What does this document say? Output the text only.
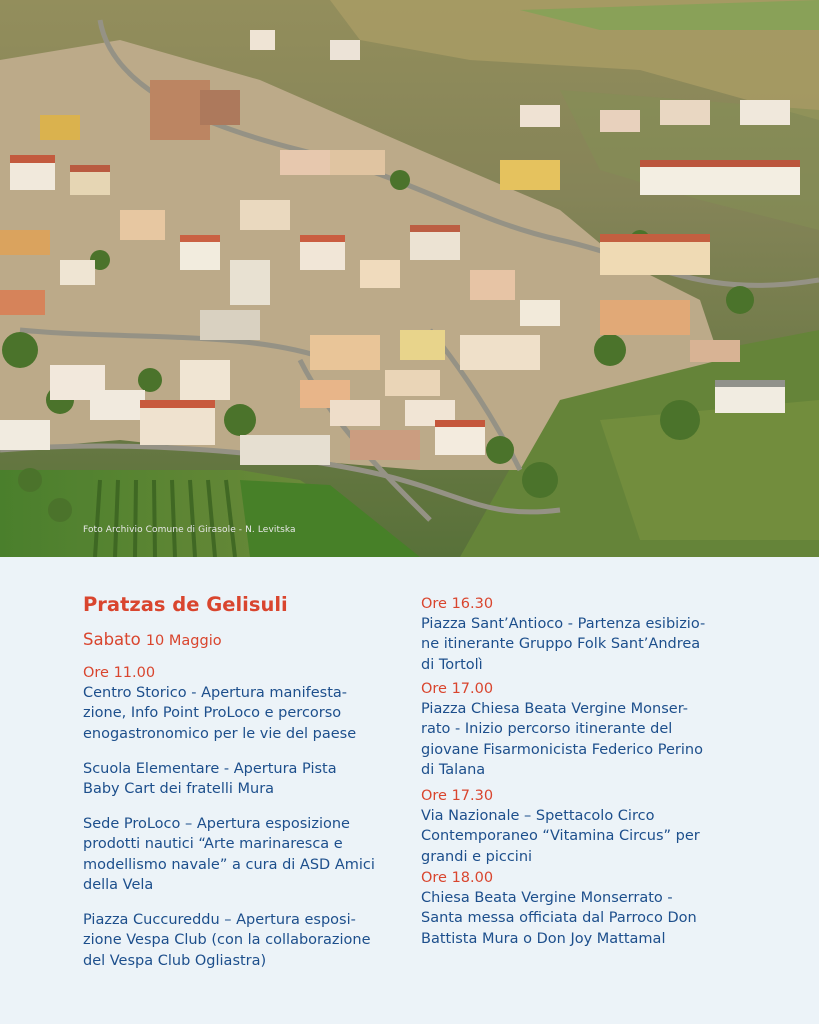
Foto Archivio Comune di Girasole - N. Levitska
Pratzas de Gelisuli
Sabato 10 Maggio
Ore 11.00
Centro Storico - Apertura manifesta-
zione, Info Point ProLoco e percorso
enogastronomico per le vie del paese
Scuola Elementare - Apertura Pista
Baby Cart dei fratelli Mura
Sede ProLoco – Apertura esposizione
prodotti nautici “Arte marinaresca e
modellismo navale” a cura di ASD Amici
della Vela
Piazza Cuccureddu – Apertura esposi-
zione Vespa Club (con la collaborazione
del Vespa Club Ogliastra)
Ore 16.30
Piazza Sant’Antioco - Partenza esibizio-
ne itinerante Gruppo Folk Sant’Andrea
di Tortolì
Ore 17.00
Piazza Chiesa Beata Vergine Monser-
rato - Inizio percorso itinerante del
giovane Fisarmonicista Federico Perino
di Talana
Ore 17.30
Via Nazionale – Spettacolo Circo
Contemporaneo “Vitamina Circus” per
grandi e piccini
Ore 18.00
Chiesa Beata Vergine Monserrato -
Santa messa officiata dal Parroco Don
Battista Mura o Don Joy Mattamal
